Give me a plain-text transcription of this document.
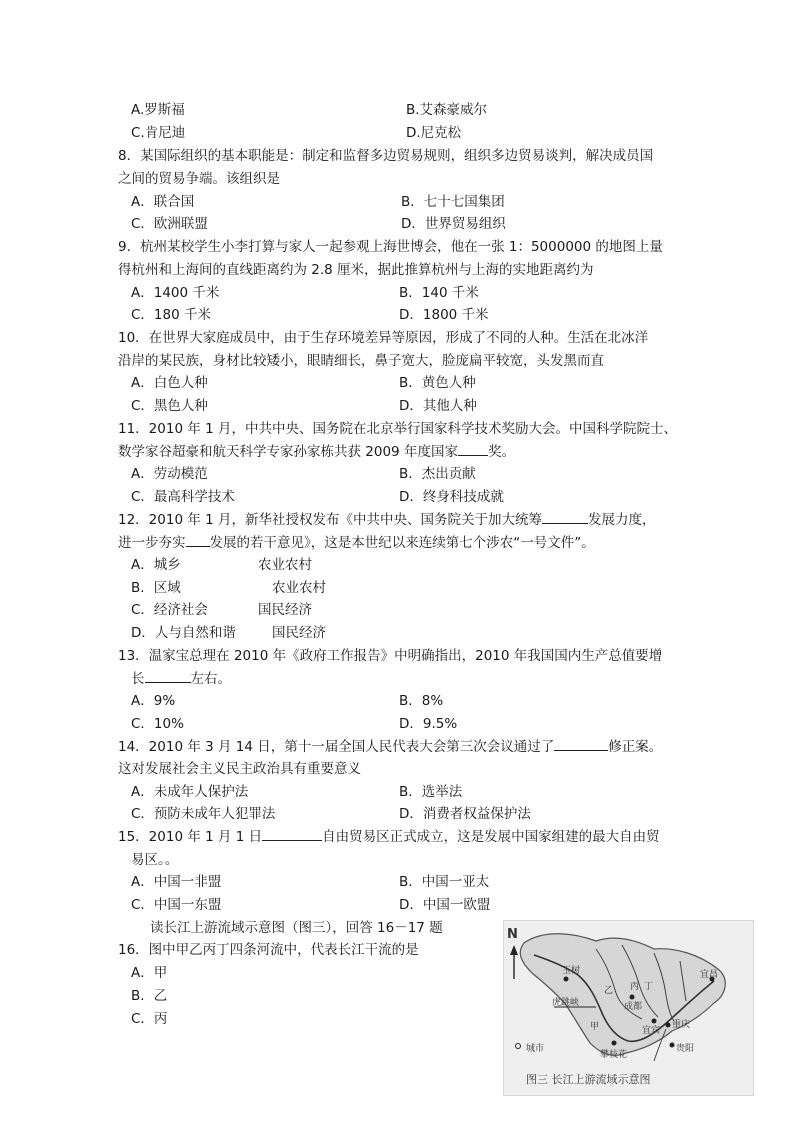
A.罗斯福	B.艾森豪威尔
C.肯尼迪	D.尼克松
8．某国际组织的基本职能是：制定和监督多边贸易规则，组织多边贸易谈判，解决成员国
之间的贸易争端。该组织是
A．联合国	B．七十七国集团
C．欧洲联盟	D．世界贸易组织
9．杭州某校学生小李打算与家人一起参观上海世博会，他在一张 1：5000000 的地图上量
得杭州和上海间的直线距离约为 2.8 厘米，据此推算杭州与上海的实地距离约为
A．1400 千米	B．140 千米
C．180 千米	D．1800 千米
10．在世界大家庭成员中，由于生存环境差异等原因，形成了不同的人种。生活在北冰洋
沿岸的某民族，身材比较矮小，眼睛细长，鼻子宽大，脸庞扁平较宽，头发黑而直
A．白色人种	B．黄色人种
C．黑色人种	D．其他人种
11．2010 年 1 月，中共中央、国务院在北京举行国家科学技术奖励大会。中国科学院院士、
数学家谷超豪和航天科学专家孙家栋共获 2009 年度国家 奖。
A．劳动模范	B．杰出贡献
C．最高科学技术	D．终身科技成就
12．2010 年 1 月，新华社授权发布《中共中央、国务院关于加大统筹	发展力度，
进一步夯实 发展的若干意见》，这是本世纪以来连续第七个涉农“一号文件”。
A．城乡	农业农村
B．区域	农业农村
C．经济社会	国民经济
D．人与自然和谐	国民经济
13．温家宝总理在 2010 年《政府工作报告》中明确指出，2010 年我国国内生产总值要增
长	左右。
A．9%	B．8%
C．10%	D．9.5%
14．2010 年 3 月 14 日，第十一届全国人民代表大会第三次会议通过了	修正案。
这对发展社会主义民主政治具有重要意义
A．未成年人保护法	B．选举法
C．预防未成年人犯罪法	D．消费者权益保护法
15．2010 年 1 月 1 日	自由贸易区正式成立，这是发展中国家组建的最大自由贸
易区。。
A．中国一非盟	B．中国一亚太
C．中国一东盟	D．中国一欧盟
读长江上游流域示意图（图三），回答 16－17 题
16．图中甲乙丙丁四条河流中，代表长江干流的是
A．甲
B．乙
C．丙
N
玉树
成都
宜宾
重庆
宜昌
贵阳
攀枝花
虎跳峡
城市
丙 丁
乙
甲
图三 长江上游流域示意图
